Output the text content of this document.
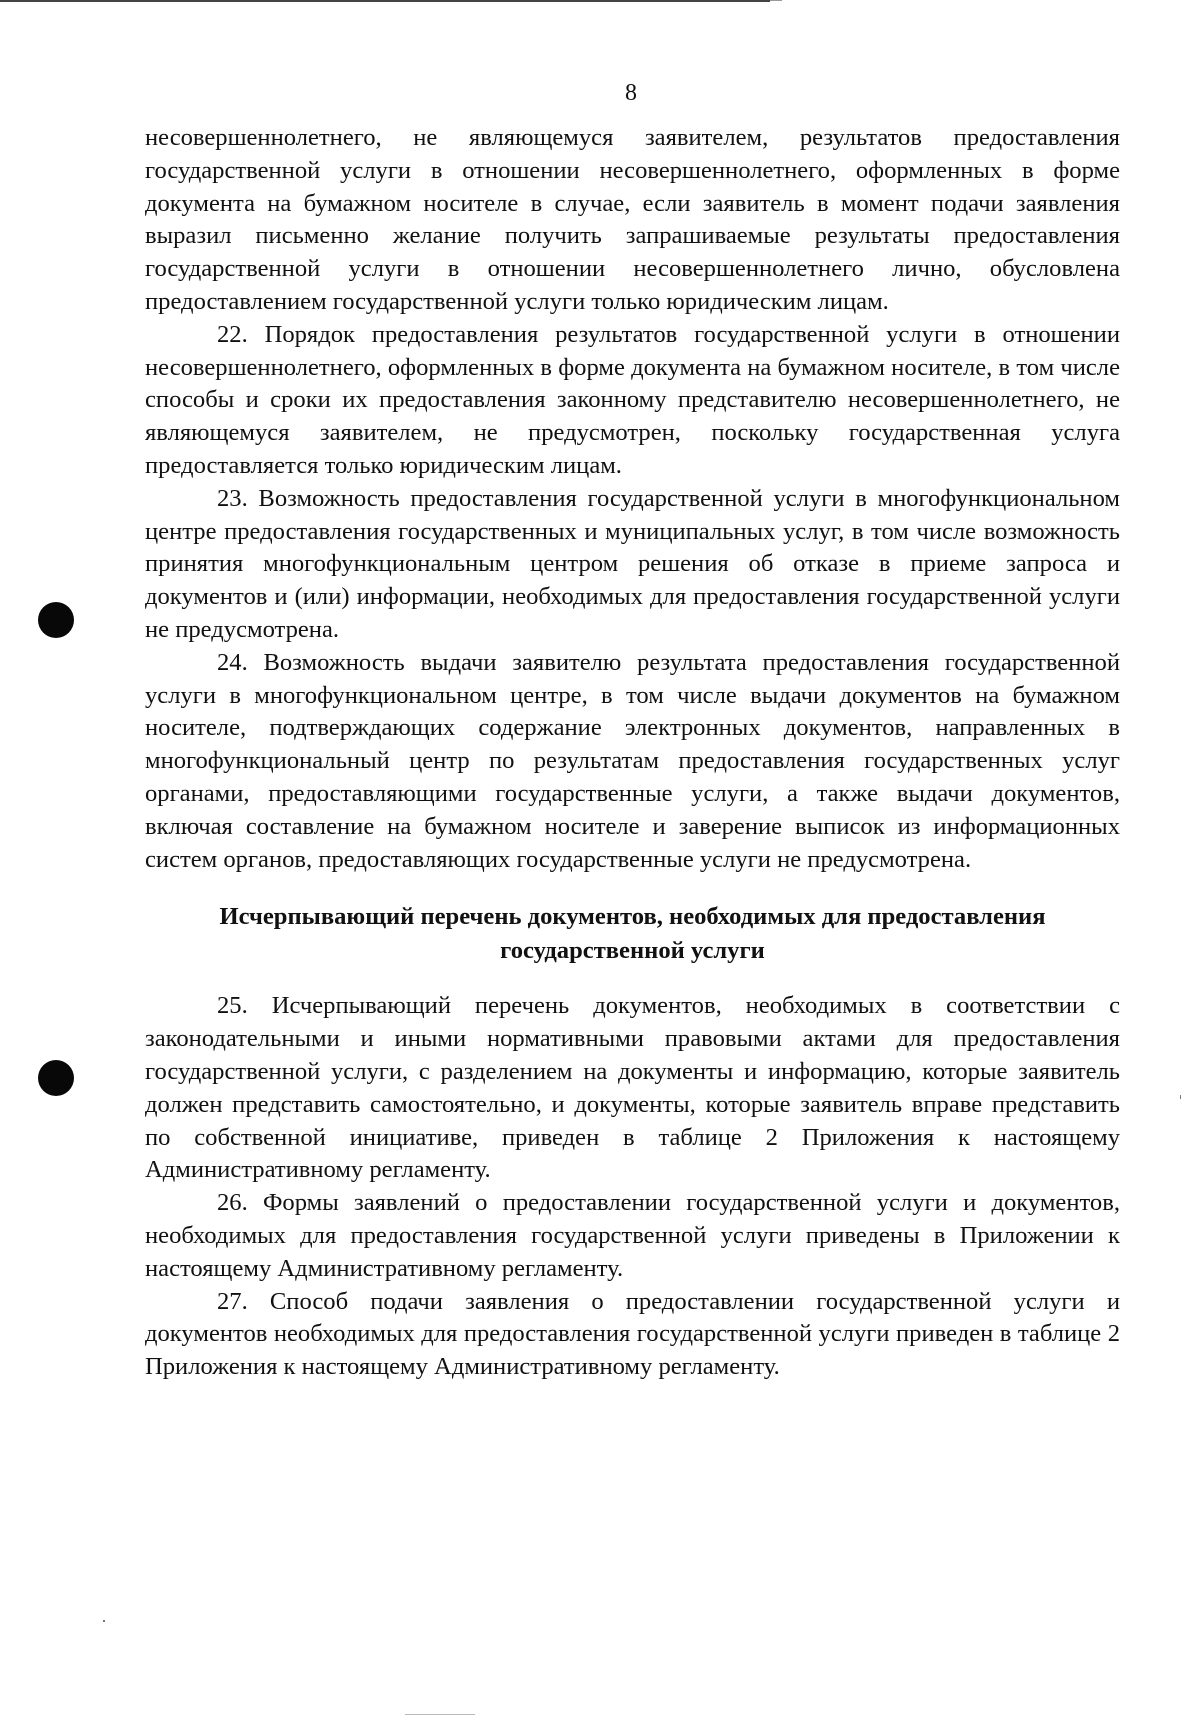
8

несовершеннолетнего, не являющемуся заявителем, результатов предоставления государственной услуги в отношении несовершеннолетнего, оформленных в форме документа на бумажном носителе в случае, если заявитель в момент подачи заявления выразил письменно желание получить запрашиваемые результаты предоставления государственной услуги в отношении несовершеннолетнего лично, обусловлена предоставлением государственной услуги только юридическим лицам.

22. Порядок предоставления результатов государственной услуги в отношении несовершеннолетнего, оформленных в форме документа на бумажном носителе, в том числе способы и сроки их предоставления законному представителю несовершеннолетнего, не являющемуся заявителем, не предусмотрен, поскольку государственная услуга предоставляется только юридическим лицам.

23. Возможность предоставления государственной услуги в многофункциональном центре предоставления государственных и муниципальных услуг, в том числе возможность принятия многофункциональным центром решения об отказе в приеме запроса и документов и (или) информации, необходимых для предоставления государственной услуги не предусмотрена.

24. Возможность выдачи заявителю результата предоставления государственной услуги в многофункциональном центре, в том числе выдачи документов на бумажном носителе, подтверждающих содержание электронных документов, направленных в многофункциональный центр по результатам предоставления государственных услуг органами, предоставляющими государственные услуги, а также выдачи документов, включая составление на бумажном носителе и заверение выписок из информационных систем органов, предоставляющих государственные услуги не предусмотрена.

Исчерпывающий перечень документов, необходимых для предоставления
государственной услуги

25. Исчерпывающий перечень документов, необходимых в соответствии с законодательными и иными нормативными правовыми актами для предоставления государственной услуги, с разделением на документы и информацию, которые заявитель должен представить самостоятельно, и документы, которые заявитель вправе представить по собственной инициативе, приведен в таблице 2 Приложения к настоящему Административному регламенту.

26. Формы заявлений о предоставлении государственной услуги и документов, необходимых для предоставления государственной услуги приведены в Приложении к настоящему Административному регламенту.

27. Способ подачи заявления о предоставлении государственной услуги и документов необходимых для предоставления государственной услуги приведен в таблице 2 Приложения к настоящему Административному регламенту.
